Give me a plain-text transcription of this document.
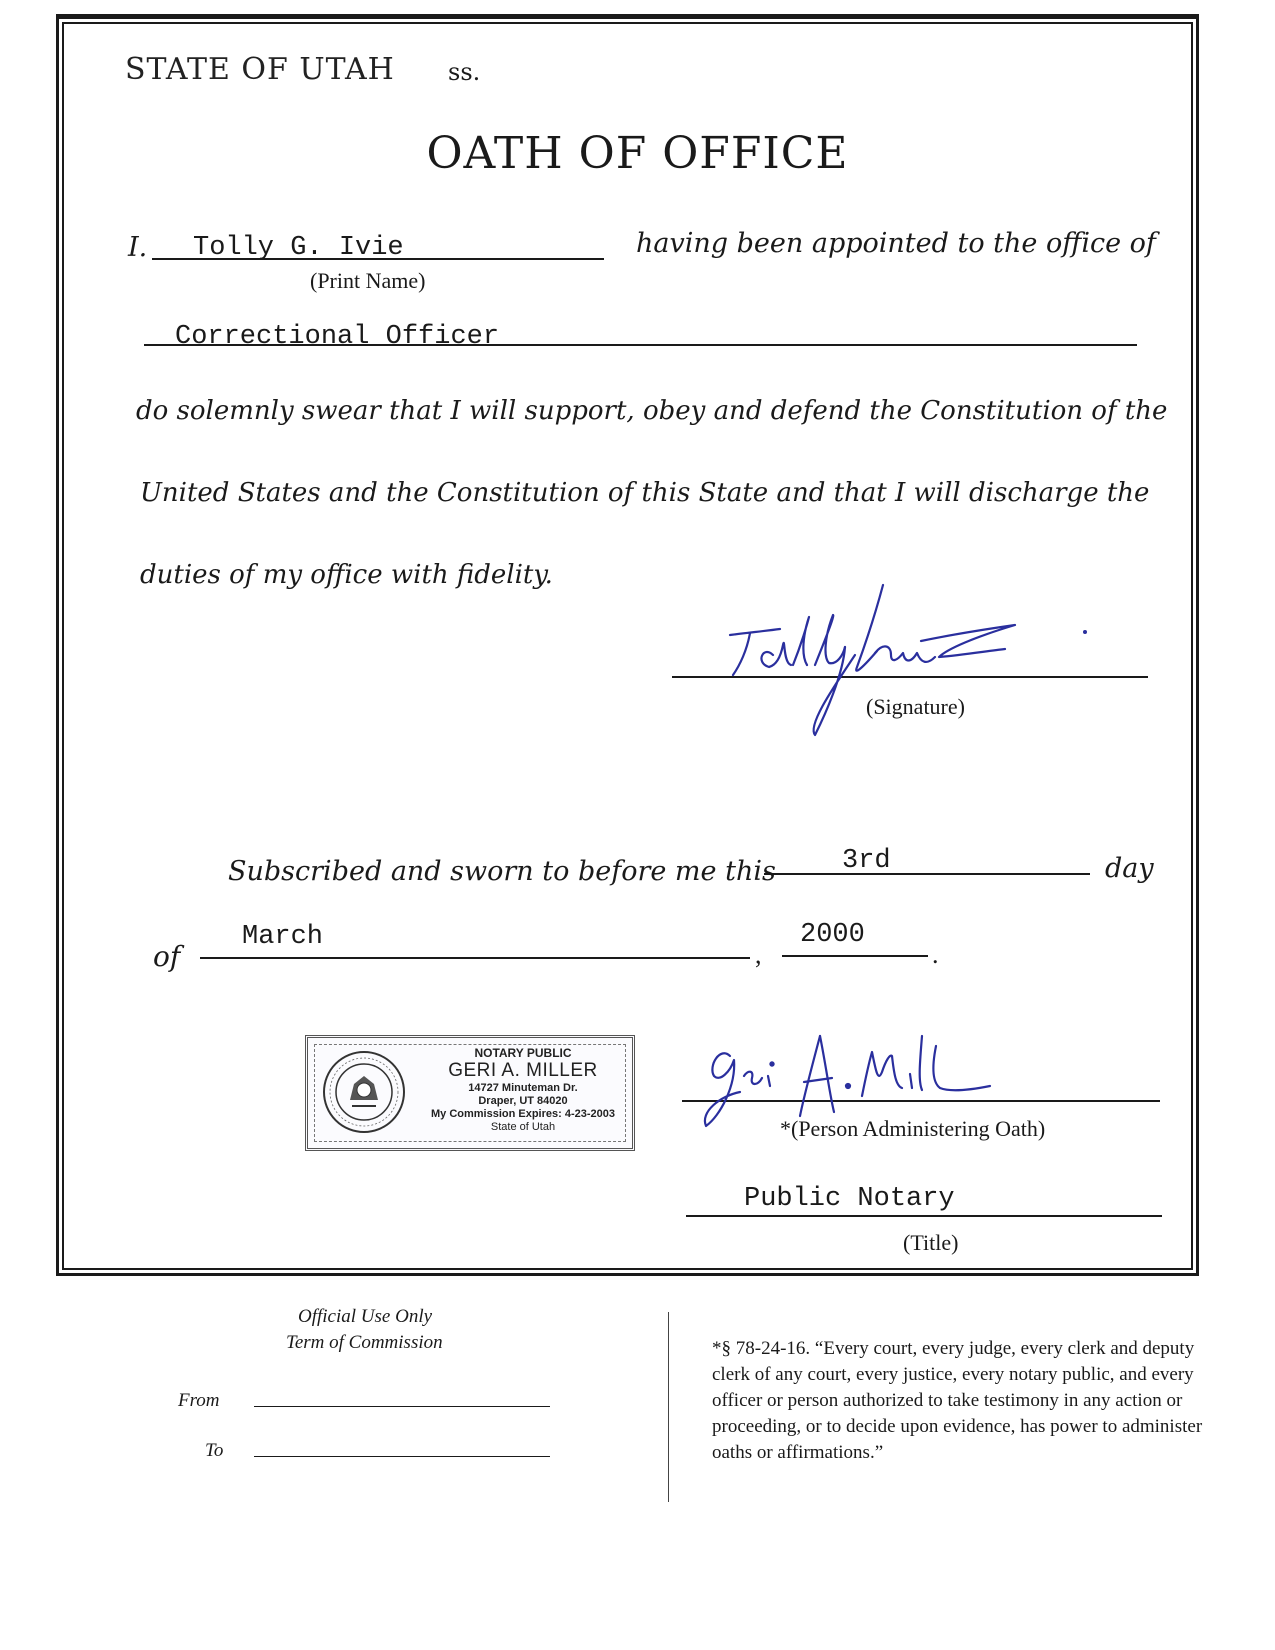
STATE OF UTAH ss.
OATH OF OFFICE
I. Tolly G. Ivie
(Print Name)
having been appointed to the office of
Correctional Officer
do solemnly swear that I will support, obey and defend the Constitution of the
United States and the Constitution of this State and that I will discharge the
duties of my office with fidelity.
(Signature)
Subscribed and sworn to before me this 3rd	day
of
March
,
2000
.
NOTARY PUBLIC
GERI A. MILLER
14727 Minuteman Dr.
Draper, UT 84020
My Commission Expires: 4-23-2003
State of Utah	*(Person Administering Oath)
Public Notary
(Title)
Official Use Only
Term of Commission
From
To
*§ 78-24-16. “Every court, every judge, every clerk and deputy clerk of any court, every justice, every notary public, and every officer or person authorized to take testimony in any action or proceeding, or to decide upon evidence, has power to administer oaths or affirmations.”
